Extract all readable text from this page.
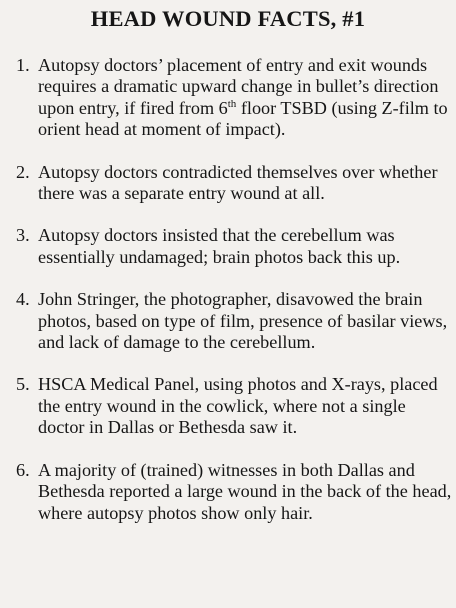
HEAD WOUND FACTS, #1
1. Autopsy doctors’ placement of entry and exit wounds requires a dramatic upward change in bullet’s direction upon entry, if fired from 6th floor TSBD (using Z-film to orient head at moment of impact).
2. Autopsy doctors contradicted themselves over whether there was a separate entry wound at all.
3. Autopsy doctors insisted that the cerebellum was essentially undamaged; brain photos back this up.
4. John Stringer, the photographer, disavowed the brain photos, based on type of film, presence of basilar views, and lack of damage to the cerebellum.
5. HSCA Medical Panel, using photos and X-rays, placed the entry wound in the cowlick, where not a single doctor in Dallas or Bethesda saw it.
6. A majority of (trained) witnesses in both Dallas and Bethesda reported a large wound in the back of the head, where autopsy photos show only hair.
